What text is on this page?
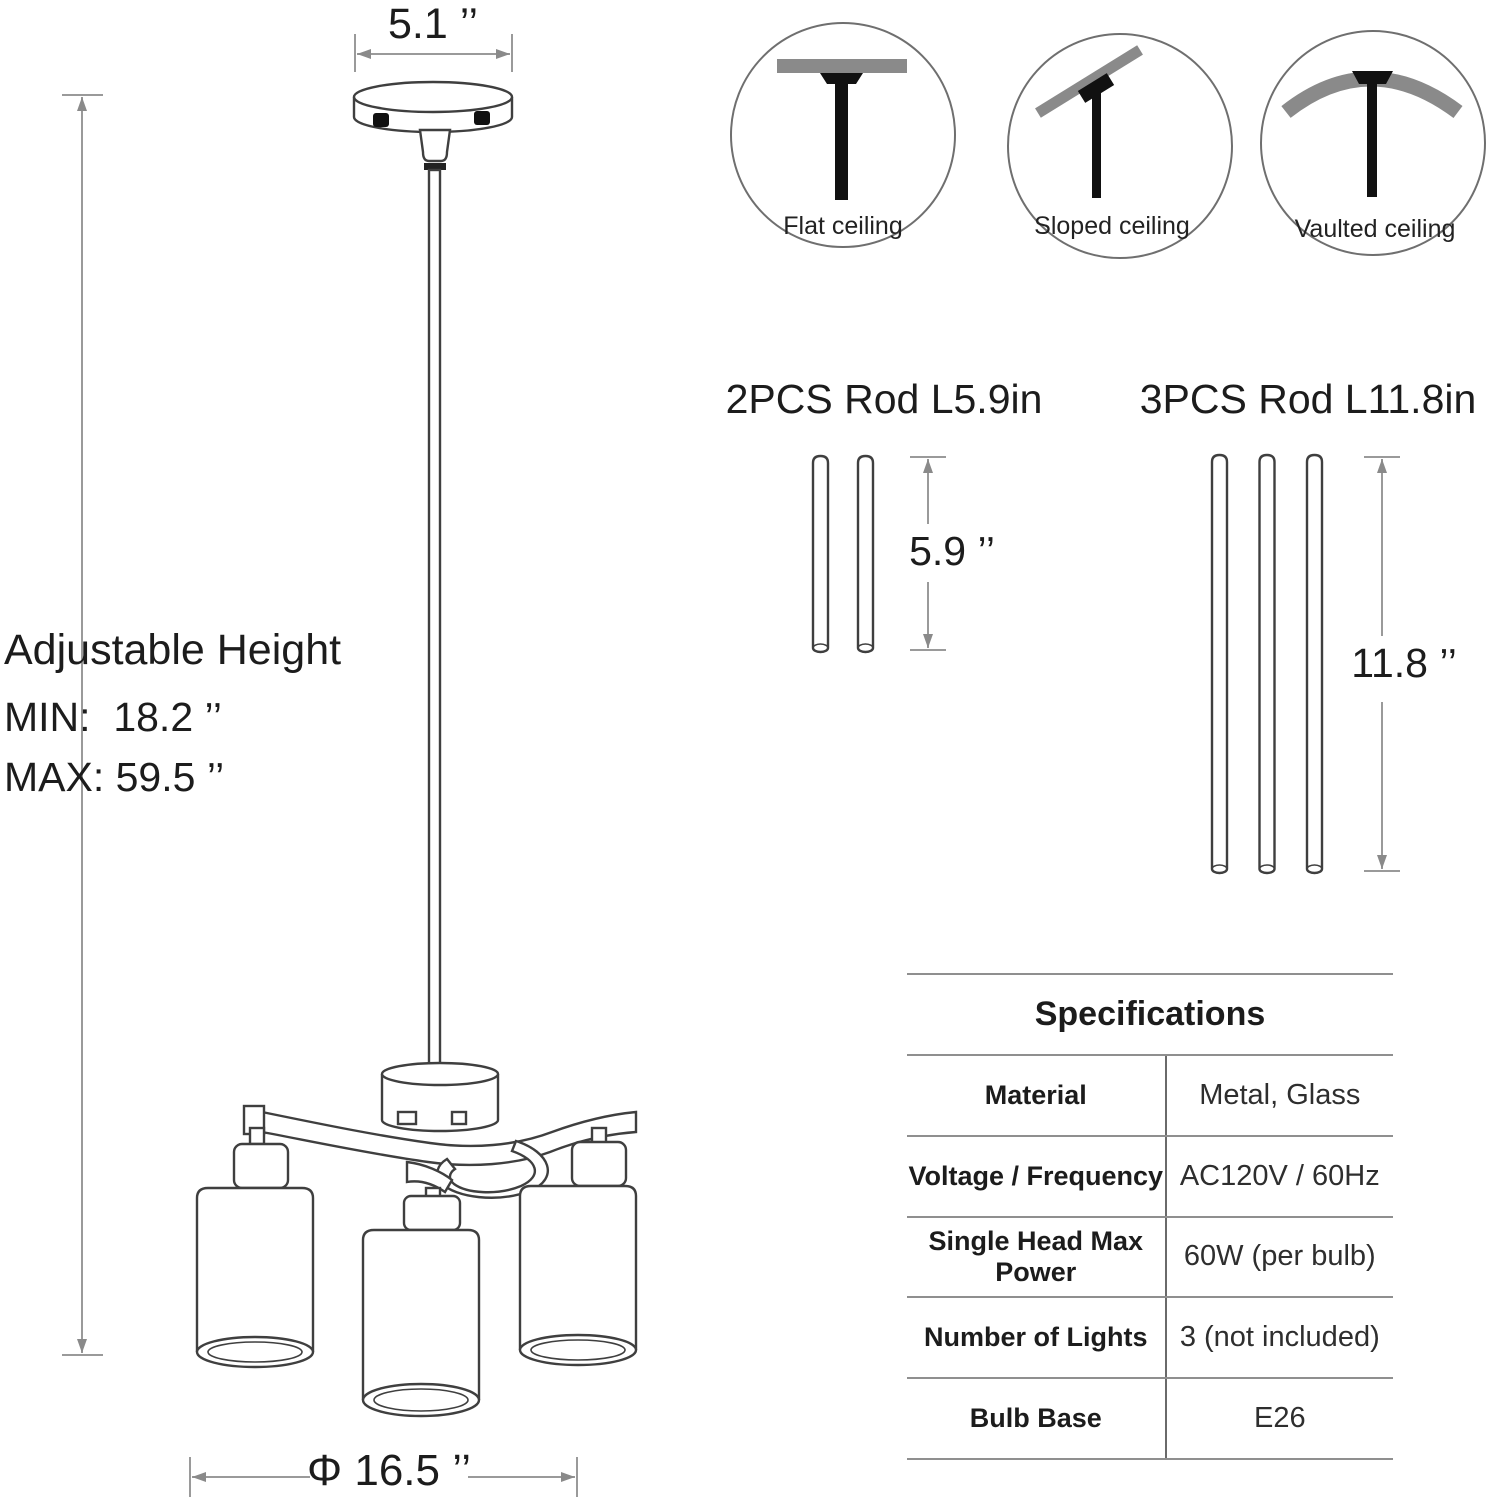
5.1 ’’
Adjustable Height
MIN:  18.2 ’’
MAX: 59.5 ’’
Φ 16.5 ’’
Flat ceiling	Sloped ceiling	Vaulted ceiling
2PCS Rod L5.9in 3PCS Rod L11.8in
5.9 ’’
11.8 ’’
Specifications
Material	Metal, Glass
Voltage / Frequency AC120V / 60Hz
Single Head Max Power	60W (per bulb)
Number of Lights	3 (not included)
Bulb Base	E26
